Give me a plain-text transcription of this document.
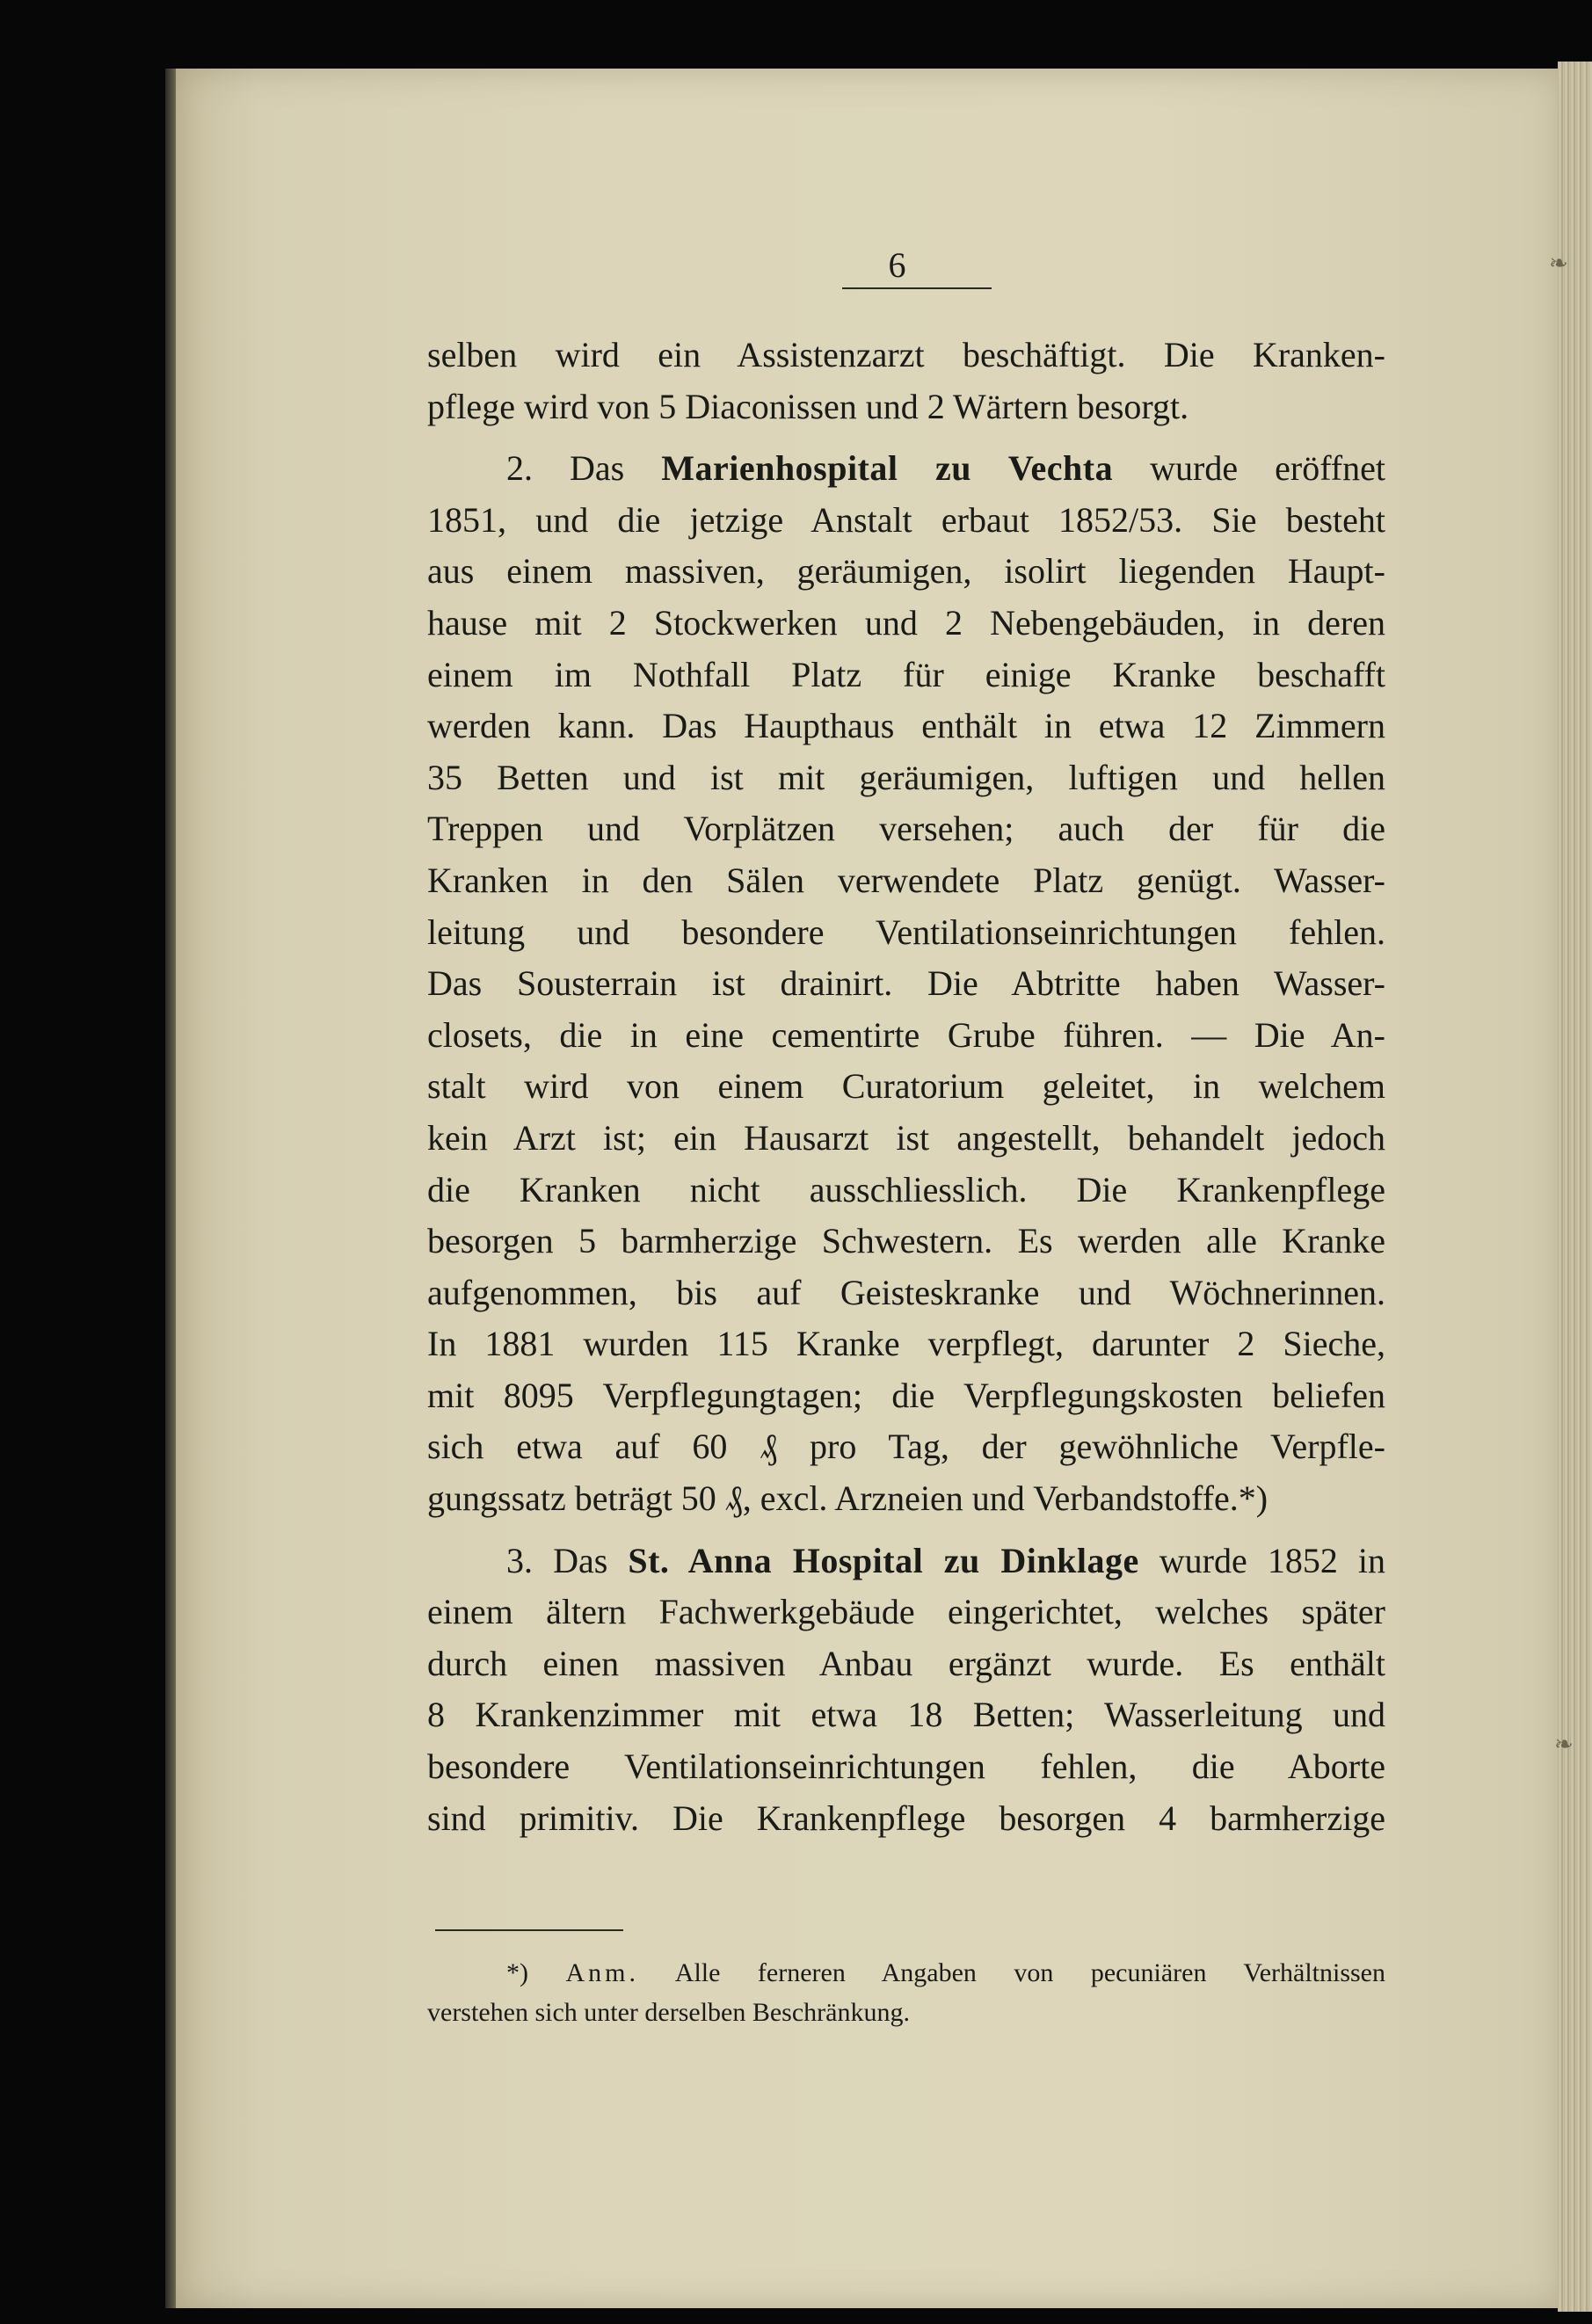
❧
❧
6
selben wird ein Assistenzarzt beschäftigt. Die Kranken-
pflege wird von 5 Diaconissen und 2 Wärtern besorgt.
2. Das Marienhospital zu Vechta wurde eröffnet
1851, und die jetzige Anstalt erbaut 1852/53. Sie besteht
aus einem massiven, geräumigen, isolirt liegenden Haupt-
hause mit 2 Stockwerken und 2 Nebengebäuden, in deren
einem im Nothfall Platz für einige Kranke beschafft
werden kann. Das Haupthaus enthält in etwa 12 Zimmern
35 Betten und ist mit geräumigen, luftigen und hellen
Treppen und Vorplätzen versehen; auch der für die
Kranken in den Sälen verwendete Platz genügt. Wasser-
leitung und besondere Ventilationseinrichtungen fehlen.
Das Sousterrain ist drainirt. Die Abtritte haben Wasser-
closets, die in eine cementirte Grube führen. — Die An-
stalt wird von einem Curatorium geleitet, in welchem
kein Arzt ist; ein Hausarzt ist angestellt, behandelt jedoch
die Kranken nicht ausschliesslich. Die Krankenpflege
besorgen 5 barmherzige Schwestern. Es werden alle Kranke
aufgenommen, bis auf Geisteskranke und Wöchnerinnen.
In 1881 wurden 115 Kranke verpflegt, darunter 2 Sieche,
mit 8095 Verpflegungtagen; die Verpflegungskosten beliefen
sich etwa auf 60 ₰ pro Tag, der gewöhnliche Verpfle-
gungssatz beträgt 50 ₰, excl. Arzneien und Verbandstoffe.*)
3. Das St. Anna Hospital zu Dinklage wurde 1852 in
einem ältern Fachwerkgebäude eingerichtet, welches später
durch einen massiven Anbau ergänzt wurde. Es enthält
8 Krankenzimmer mit etwa 18 Betten; Wasserleitung und
besondere Ventilationseinrichtungen fehlen, die Aborte
sind primitiv. Die Krankenpflege besorgen 4 barmherzige
*) Anm. Alle ferneren Angaben von pecuniären Verhältnissen
verstehen sich unter derselben Beschränkung.
